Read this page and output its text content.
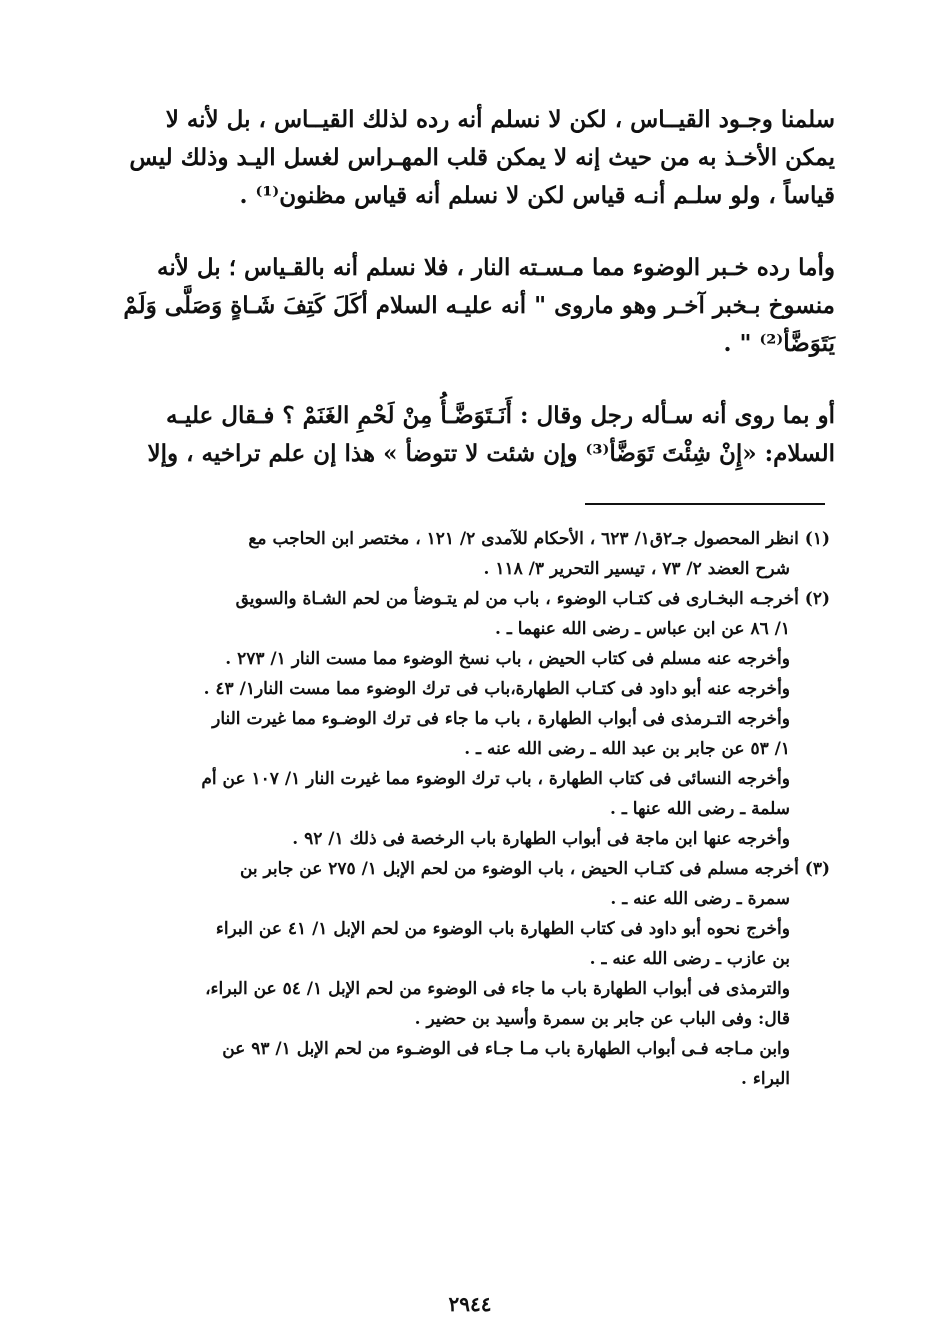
سلمنا وجـود القيــاس ، لكن لا نسلم أنه رده لذلك القيــاس ، بل لأنه لا

يمكن الأخـذ به من حيث إنه لا يمكن قلب المهـراس لغسل اليـد وذلك ليس

قياساً ، ولو سلـم أنـه قياس لكن لا نسلم أنه قياس مظنون⁽¹⁾ .

وأما رده خـبر الوضوء مما مـسـته النار ، فلا نسلم أنه بالقـياس ؛ بل لأنه

منسوخ بـخبر آخـر وهو ماروى " أنه عليـه السلام أكَلَ كَتِفَ شَـاةٍ وَصَلَّى وَلَمْ

يَتَوَضَّأ⁽²⁾ " .

أو بما روى أنه سـأله رجل وقال : أَنَـتَوَضَّـأُ مِنْ لَحْمِ الغَنَمْ ؟ فـقال عليـه

السلام: «إِنْ شِئْتَ تَوَضَّأ⁽³⁾ وإن شئت لا تتوضأ » هذا إن علم تراخيه ، وإلا

(١) انظر المحصول جـ٢ق١/ ٦٢٣ ، الأحكام للآمدى ٢/ ١٢١ ، مختصر ابن الحاجب مع

شرح العضد ٢/ ٧٣ ، تيسير التحرير ٣/ ١١٨ .

(٢) أخرجـه البخـارى فى كتـاب الوضوء ، باب من لم يتـوضأ من لحم الشـاة والسويق

١/ ٨٦ عن ابن عباس ـ رضى الله عنهما ـ .

وأخرجه عنه مسلم فى كتاب الحيض ، باب نسخ الوضوء مما مست النار ١/ ٢٧٣ .

وأخرجه عنه أبو داود فى كتـاب الطهارة،باب فى ترك الوضوء مما مست النار١/ ٤٣ .

وأخرجه التـرمذى فى أبواب الطهارة ، باب ما جاء فى ترك الوضـوء مما غيرت النار

١/ ٥٣ عن جابر بن عبد الله ـ رضى الله عنه ـ .

وأخرجه النسائى فى كتاب الطهارة ، باب ترك الوضوء مما غيرت النار ١/ ١٠٧ عن أم

سلمة ـ رضى الله عنها ـ .

وأخرجه عنها ابن ماجة فى أبواب الطهارة باب الرخصة فى ذلك ١/ ٩٢ .

(٣) أخرجه مسلم فى كتـاب الحيض ، باب الوضوء من لحم الإبل ١/ ٢٧٥ عن جابر بن

سمرة ـ رضى الله عنه ـ .

وأخرج نحوه أبو داود فى كتاب الطهارة باب الوضوء من لحم الإبل ١/ ٤١ عن البراء

بن عازب ـ رضى الله عنه ـ .

والترمذى فى أبواب الطهارة باب ما جاء فى الوضوء من لحم الإبل ١/ ٥٤ عن البراء،

قال: وفى الباب عن جابر بن سمرة وأسيد بن حضير .

وابن مـاجه فـى أبواب الطهارة باب مـا جـاء فى الوضـوء من لحم الإبل ١/ ٩٣ عن

البراء .

٢٩٤٤
